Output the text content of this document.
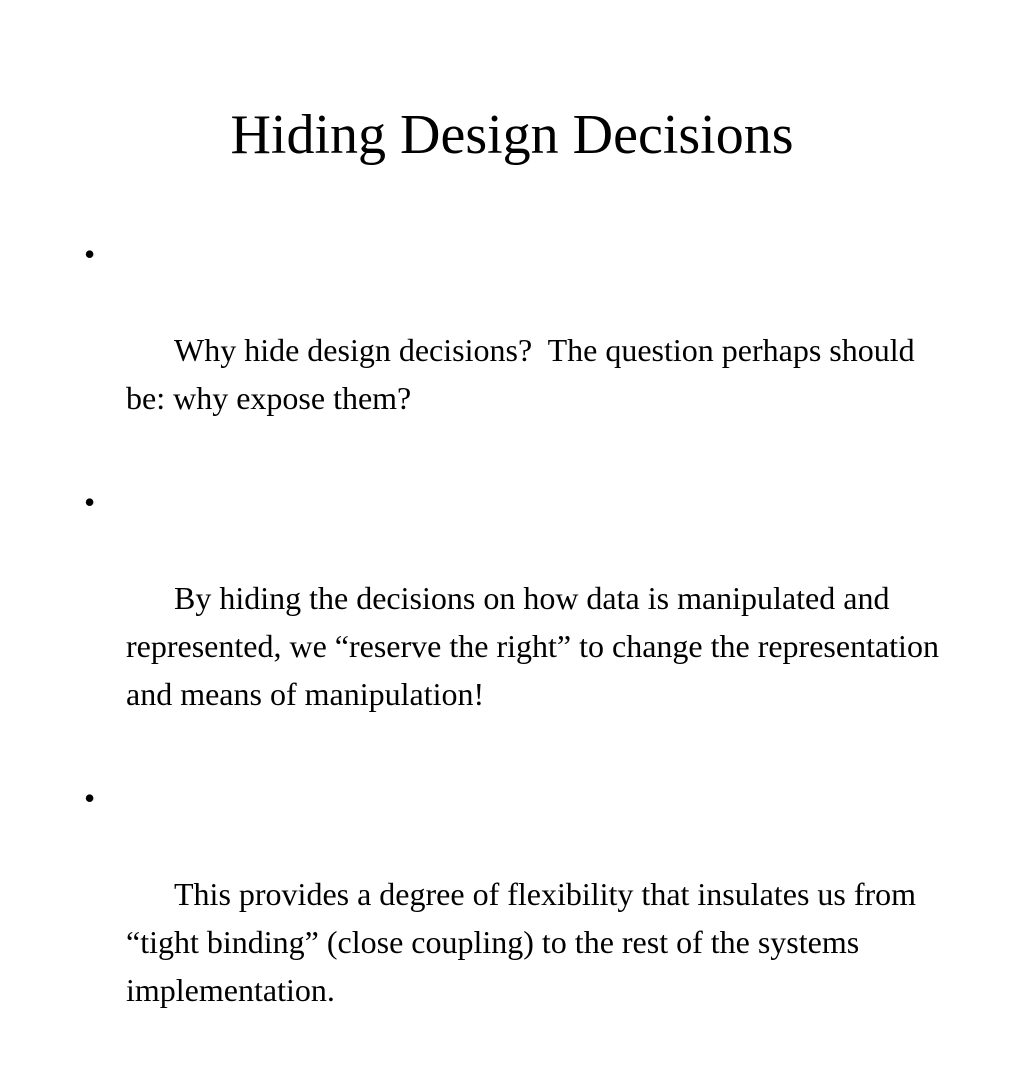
Hiding Design Decisions

•

Why hide design decisions?  The question perhaps should be: why expose them?

•

By hiding the decisions on how data is manipulated and represented, we “reserve the right” to change the representation and means of manipulation!

•

This provides a degree of flexibility that insulates us from “tight binding” (close coupling) to the rest of the systems implementation.
